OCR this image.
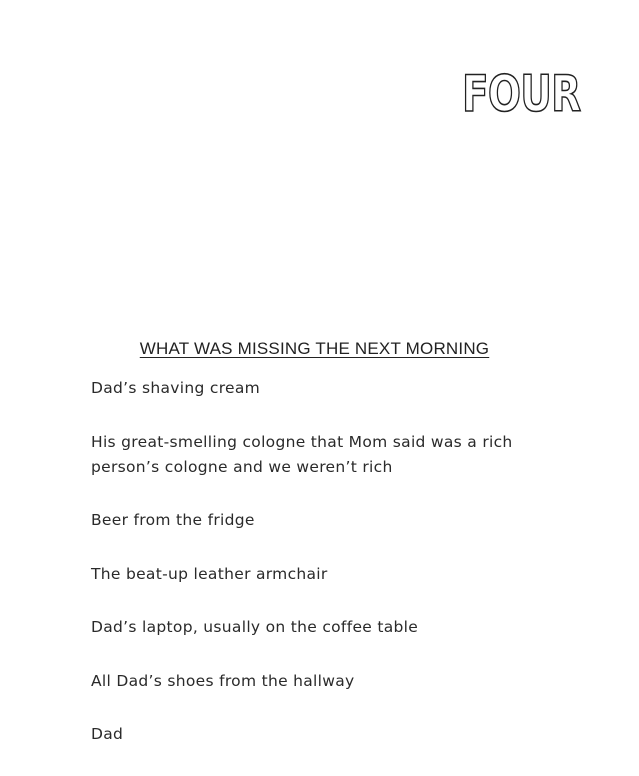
FOUR
WHAT WAS MISSING THE NEXT MORNING
Dad’s shaving cream
His great-smelling cologne that Mom said was a rich person’s cologne and we weren’t rich
Beer from the fridge
The beat-up leather armchair
Dad’s laptop, usually on the coffee table
All Dad’s shoes from the hallway
Dad
